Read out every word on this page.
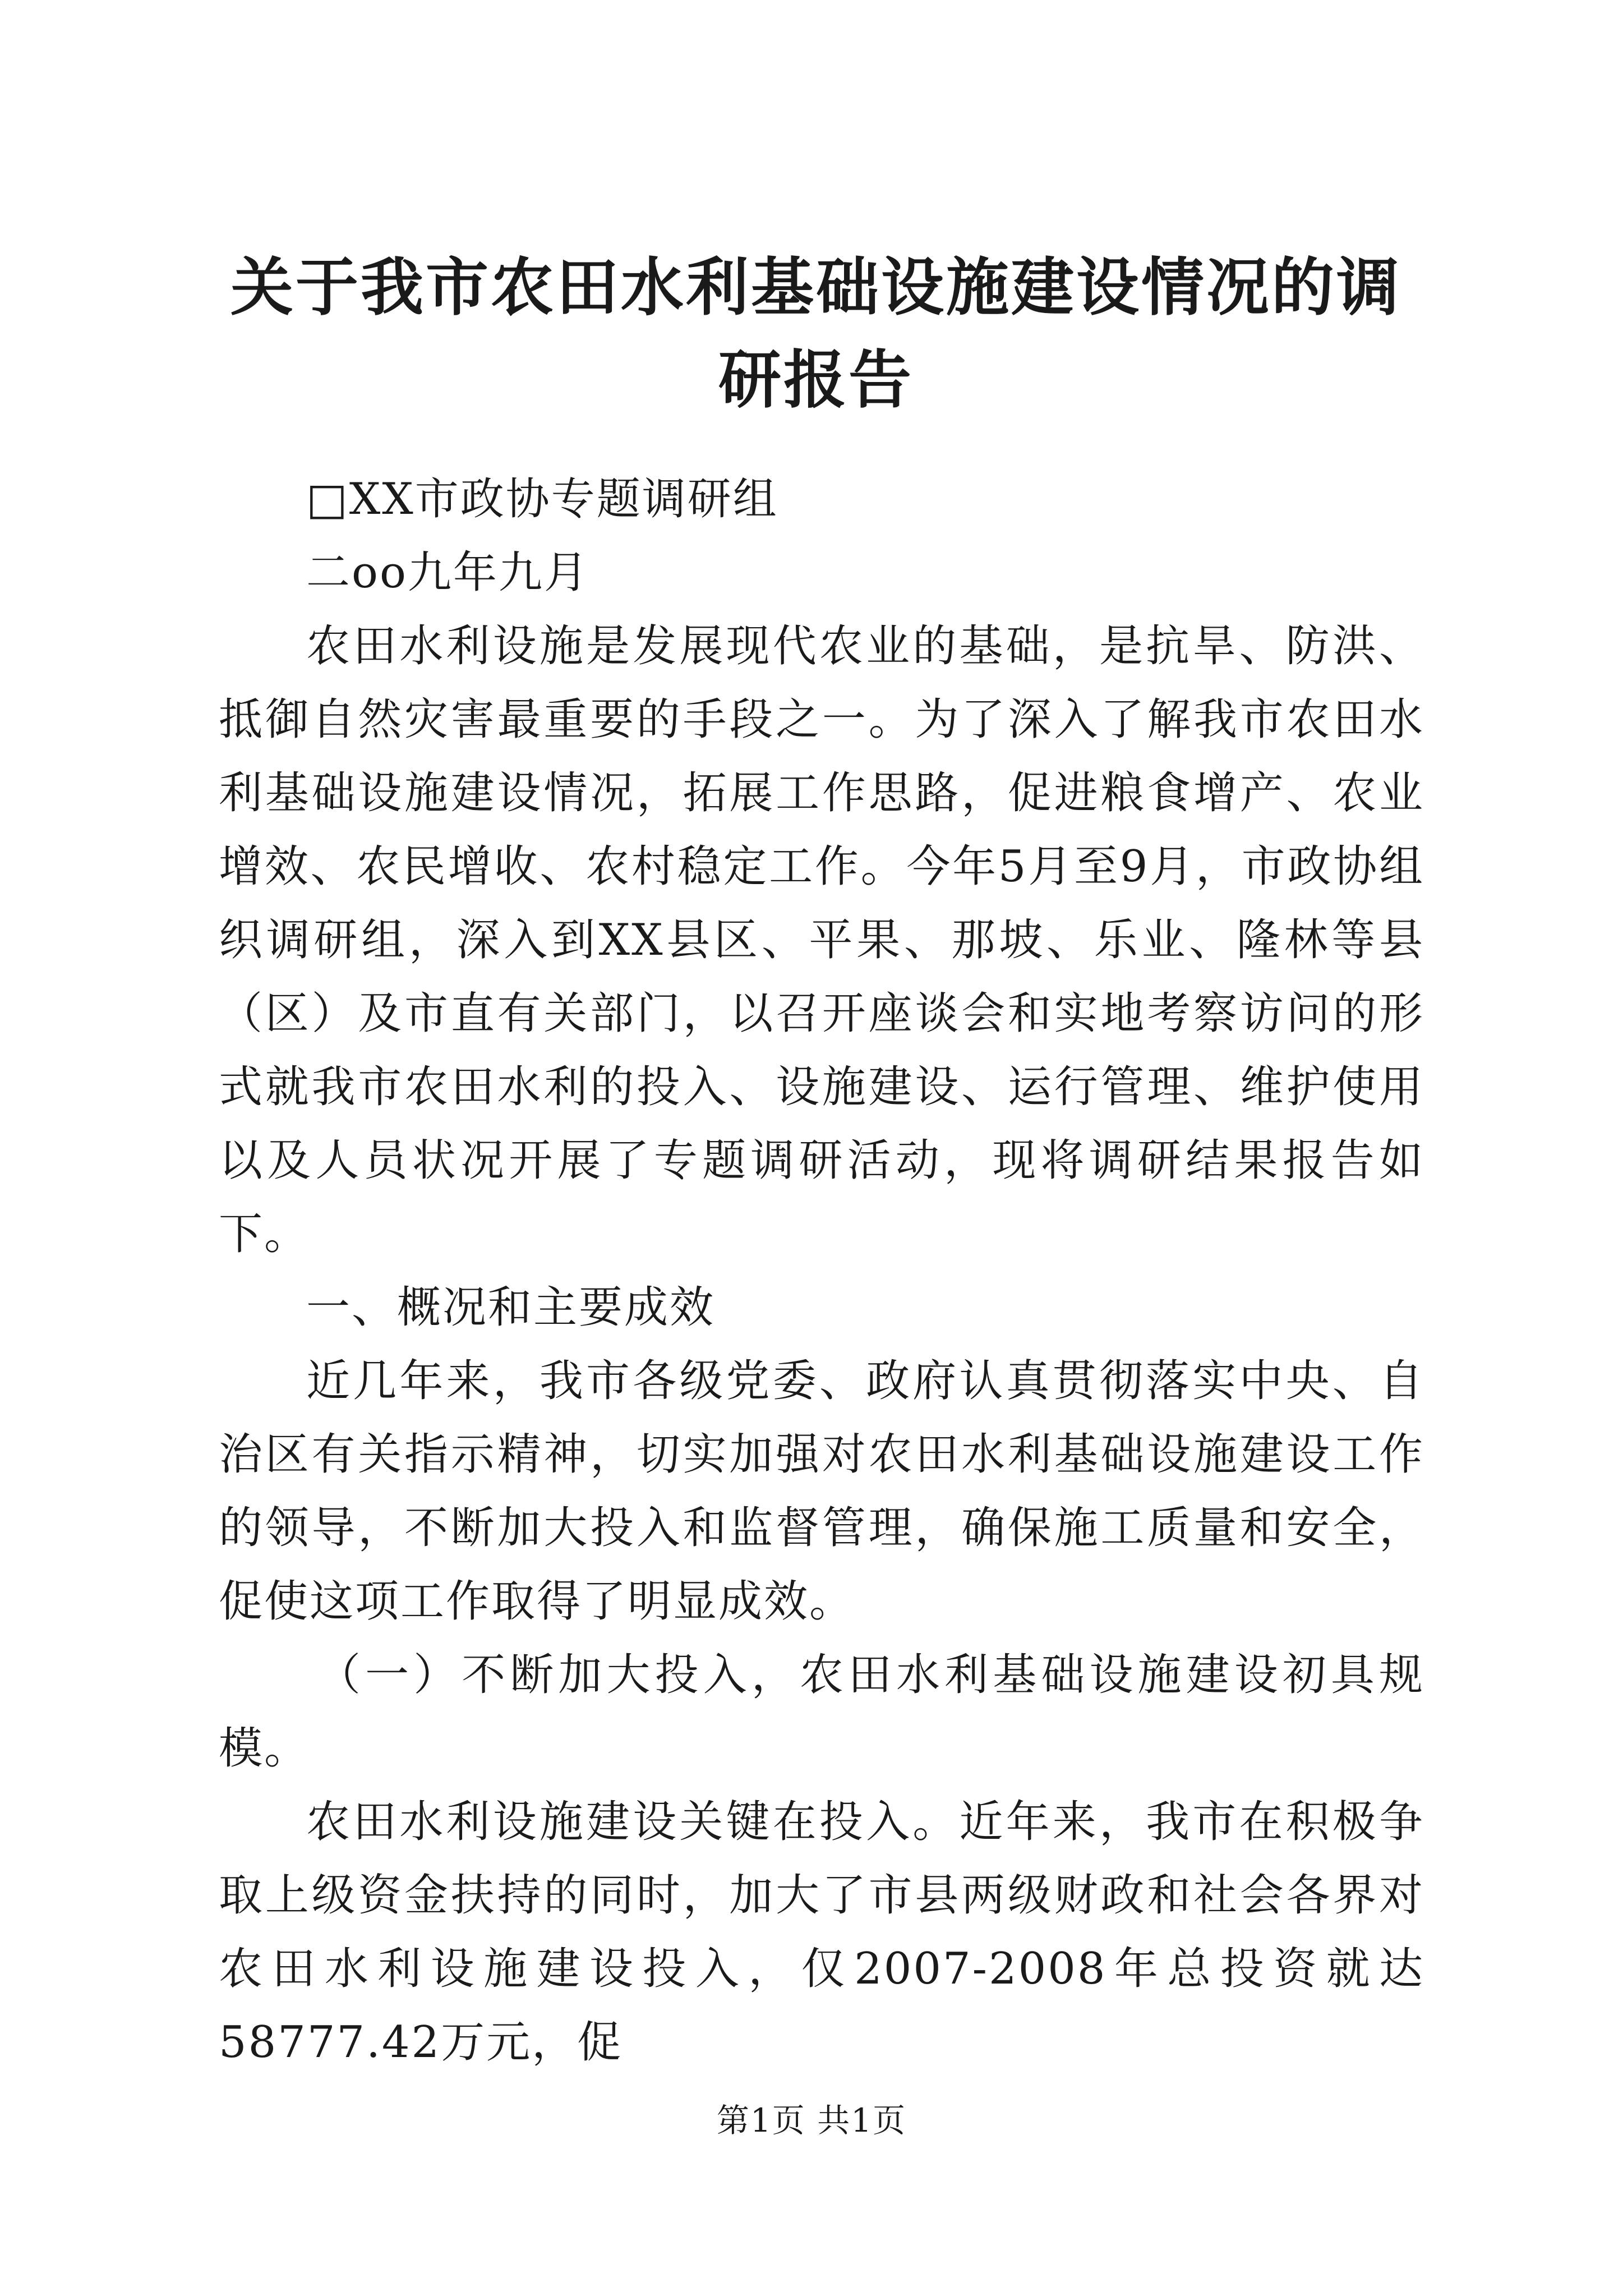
关于我市农田水利基础设施建设情况的调研报告

□XX市政协专题调研组

二oo九年九月

农田水利设施是发展现代农业的基础，是抗旱、防洪、抵御自然灾害最重要的手段之一。为了深入了解我市农田水利基础设施建设情况，拓展工作思路，促进粮食增产、农业增效、农民增收、农村稳定工作。今年5月至9月，市政协组织调研组，深入到XX县区、平果、那坡、乐业、隆林等县（区）及市直有关部门，以召开座谈会和实地考察访问的形式就我市农田水利的投入、设施建设、运行管理、维护使用以及人员状况开展了专题调研活动，现将调研结果报告如下。

一、概况和主要成效

近几年来，我市各级党委、政府认真贯彻落实中央、自治区有关指示精神，切实加强对农田水利基础设施建设工作的领导，不断加大投入和监督管理，确保施工质量和安全，促使这项工作取得了明显成效。

（一）不断加大投入，农田水利基础设施建设初具规模。

农田水利设施建设关键在投入。近年来，我市在积极争取上级资金扶持的同时，加大了市县两级财政和社会各界对农田水利设施建设投入，仅2007-2008年总投资就达58777.42万元，促

第1页 共1页
